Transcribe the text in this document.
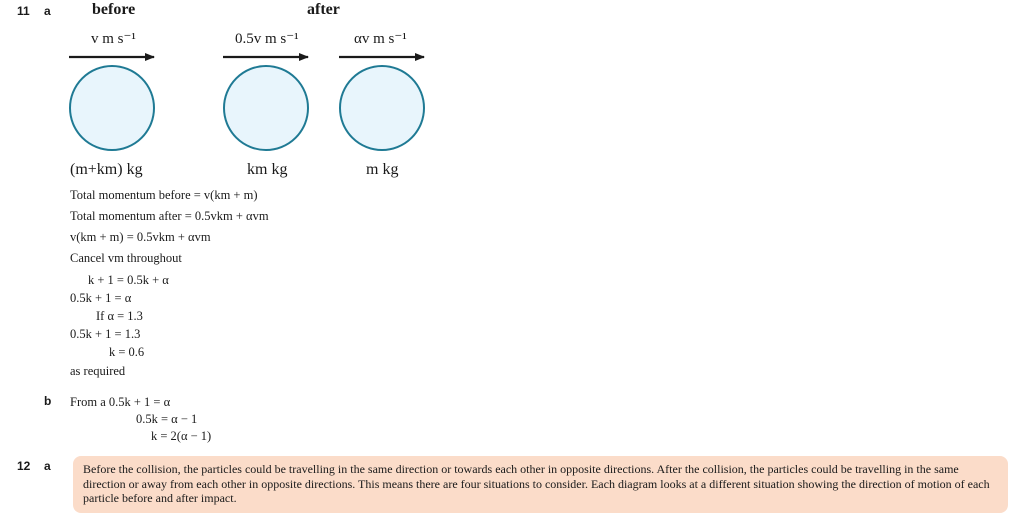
11 a	before	after
v m s⁻¹	0.5v m s⁻¹	αv m s⁻¹
(m+km) kg	km kg	m kg
Total momentum before = v(km + m)
Total momentum after = 0.5vkm + αvm
v(km + m) = 0.5vkm + αvm
Cancel vm throughout
k + 1 = 0.5k + α
0.5k + 1 = α
If α = 1.3
0.5k + 1 = 1.3
k = 0.6
as required
b From a 0.5k + 1 = α
0.5k = α − 1
k = 2(α − 1)
12 a	Before the collision, the particles could be travelling in the same direction or towards each other in opposite directions. After the collision, the particles could be travelling in the same direction or away from each other in opposite directions. This means there are four situations to consider. Each diagram looks at a different situation showing the direction of motion of each particle before and after impact.
